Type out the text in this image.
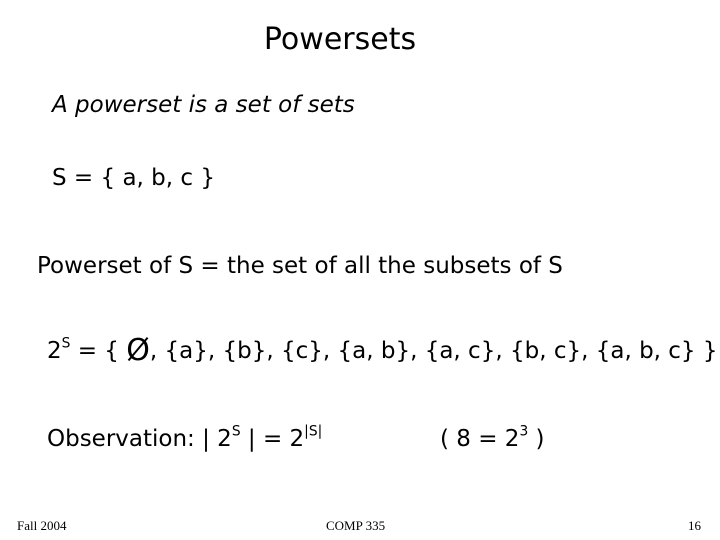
Powersets
A powerset is a set of sets
S = { a, b, c }
Powerset of S = the set of all the subsets of S
$2^S$ = { Ø, {a}, {b}, {c}, {a, b}, {a, c}, {b, c}, {a, b, c} }
Observation: | $2^S$ | = $2^{|S|}$	( $8 = 2^3$ )
Fall 2004	COMP 335	16
